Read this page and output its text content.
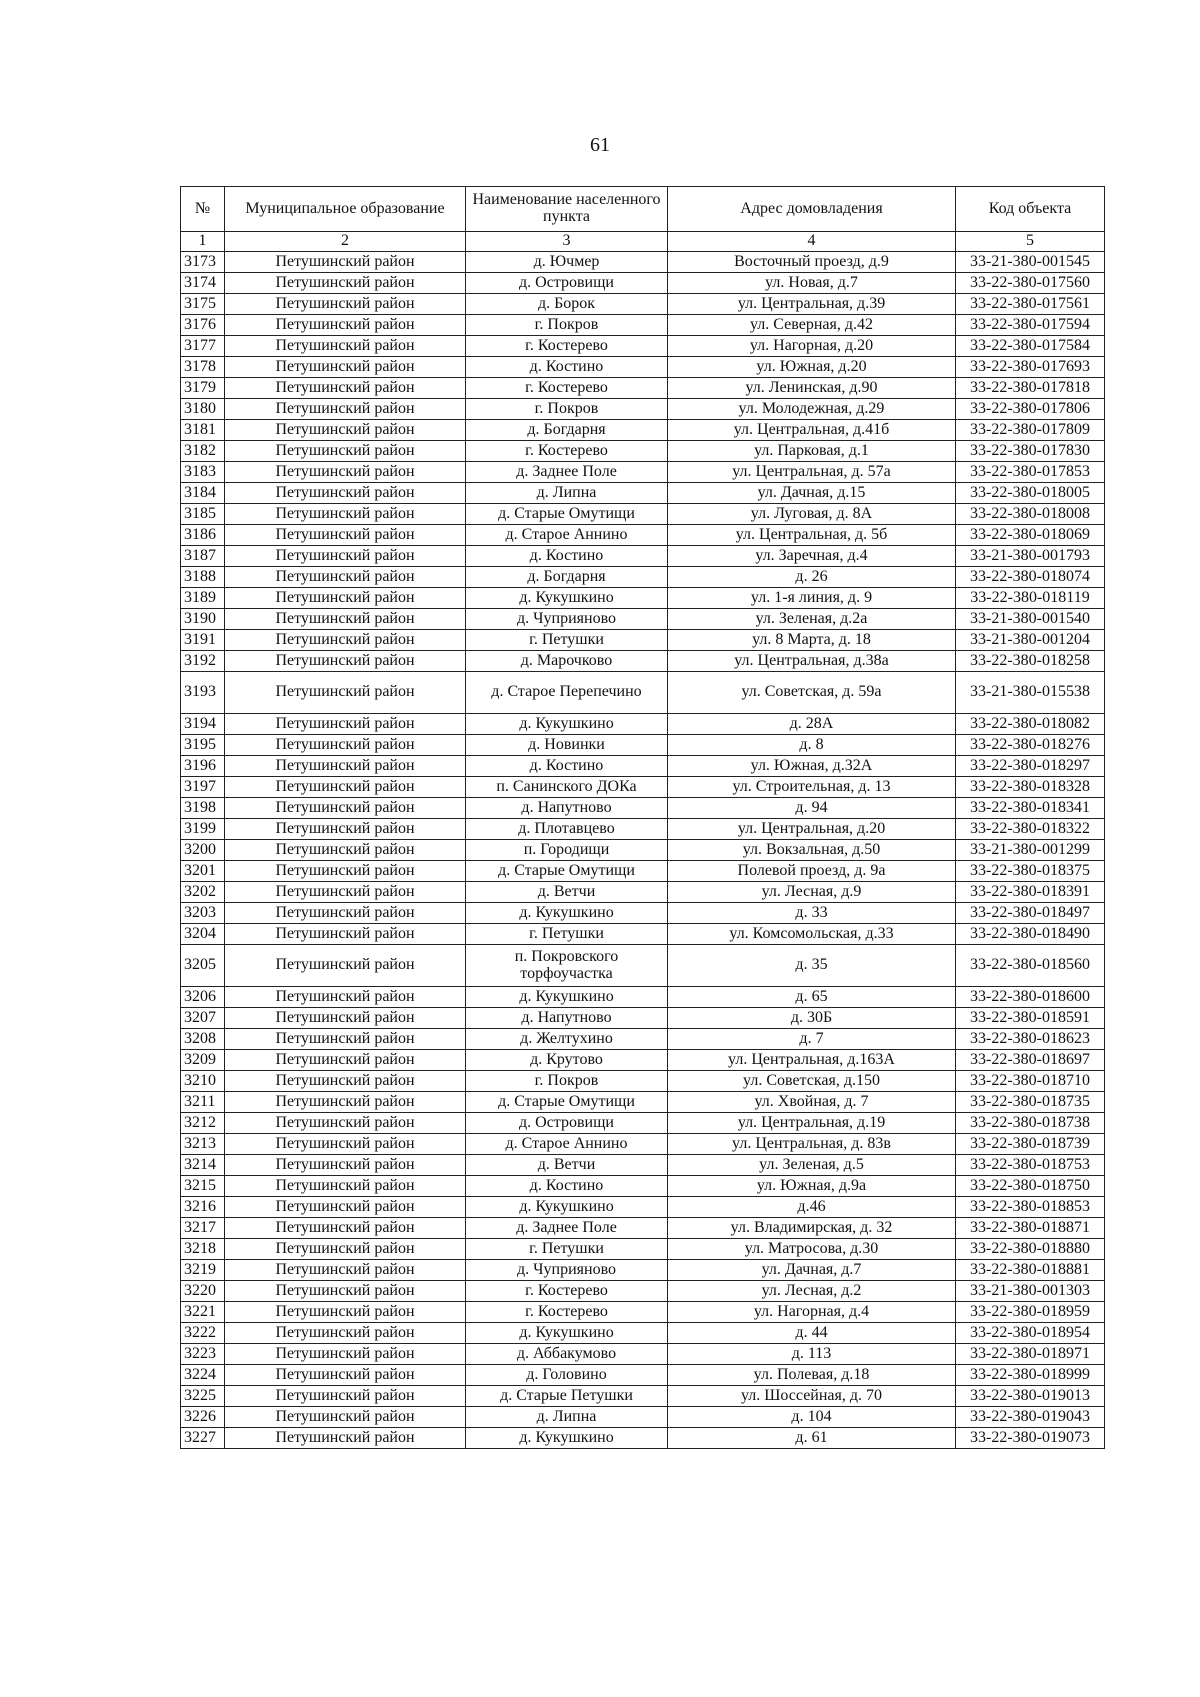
61
№	Муниципальное образование	Наименование населенного пункта	Адрес домовладения	Код объекта
1	2	3	4	5
3173	Петушинский район	д. Ючмер	Восточный проезд, д.9	33-21-380-001545
3174	Петушинский район	д. Островищи	ул. Новая, д.7	33-22-380-017560
3175	Петушинский район	д. Борок	ул. Центральная, д.39	33-22-380-017561
3176	Петушинский район	г. Покров	ул. Северная, д.42	33-22-380-017594
3177	Петушинский район	г. Костерево	ул. Нагорная, д.20	33-22-380-017584
3178	Петушинский район	д. Костино	ул. Южная, д.20	33-22-380-017693
3179	Петушинский район	г. Костерево	ул. Ленинская, д.90	33-22-380-017818
3180	Петушинский район	г. Покров	ул. Молодежная, д.29	33-22-380-017806
3181	Петушинский район	д. Богдарня	ул. Центральная, д.41б	33-22-380-017809
3182	Петушинский район	г. Костерево	ул. Парковая, д.1	33-22-380-017830
3183	Петушинский район	д. Заднее Поле	ул. Центральная, д. 57а	33-22-380-017853
3184	Петушинский район	д. Липна	ул. Дачная, д.15	33-22-380-018005
3185	Петушинский район	д. Старые Омутищи	ул. Луговая, д. 8А	33-22-380-018008
3186	Петушинский район	д. Старое Аннино	ул. Центральная, д. 5б	33-22-380-018069
3187	Петушинский район	д. Костино	ул. Заречная, д.4	33-21-380-001793
3188	Петушинский район	д. Богдарня	д. 26	33-22-380-018074
3189	Петушинский район	д. Кукушкино	ул. 1-я линия, д. 9	33-22-380-018119
3190	Петушинский район	д. Чуприяново	ул. Зеленая, д.2а	33-21-380-001540
3191	Петушинский район	г. Петушки	ул. 8 Марта, д. 18	33-21-380-001204
3192	Петушинский район	д. Марочково	ул. Центральная, д.38а	33-22-380-018258
3193	Петушинский район	д. Старое Перепечино	ул. Советская, д. 59а	33-21-380-015538
3194	Петушинский район	д. Кукушкино	д. 28А	33-22-380-018082
3195	Петушинский район	д. Новинки	д. 8	33-22-380-018276
3196	Петушинский район	д. Костино	ул. Южная, д.32А	33-22-380-018297
3197	Петушинский район	п. Санинского ДОКа	ул. Строительная, д. 13	33-22-380-018328
3198	Петушинский район	д. Напутново	д. 94	33-22-380-018341
3199	Петушинский район	д. Плотавцево	ул. Центральная, д.20	33-22-380-018322
3200	Петушинский район	п. Городищи	ул. Вокзальная, д.50	33-21-380-001299
3201	Петушинский район	д. Старые Омутищи	Полевой проезд, д. 9а	33-22-380-018375
3202	Петушинский район	д. Ветчи	ул. Лесная, д.9	33-22-380-018391
3203	Петушинский район	д. Кукушкино	д. 33	33-22-380-018497
3204	Петушинский район	г. Петушки	ул. Комсомольская, д.33	33-22-380-018490
3205	Петушинский район	п. Покровского торфоучастка	д. 35	33-22-380-018560
3206	Петушинский район	д. Кукушкино	д. 65	33-22-380-018600
3207	Петушинский район	д. Напутново	д. 30Б	33-22-380-018591
3208	Петушинский район	д. Желтухино	д. 7	33-22-380-018623
3209	Петушинский район	д. Крутово	ул. Центральная, д.163А	33-22-380-018697
3210	Петушинский район	г. Покров	ул. Советская, д.150	33-22-380-018710
3211	Петушинский район	д. Старые Омутищи	ул. Хвойная, д. 7	33-22-380-018735
3212	Петушинский район	д. Островищи	ул. Центральная, д.19	33-22-380-018738
3213	Петушинский район	д. Старое Аннино	ул. Центральная, д. 83в	33-22-380-018739
3214	Петушинский район	д. Ветчи	ул. Зеленая, д.5	33-22-380-018753
3215	Петушинский район	д. Костино	ул. Южная, д.9а	33-22-380-018750
3216	Петушинский район	д. Кукушкино	д.46	33-22-380-018853
3217	Петушинский район	д. Заднее Поле	ул. Владимирская, д. 32	33-22-380-018871
3218	Петушинский район	г. Петушки	ул. Матросова, д.30	33-22-380-018880
3219	Петушинский район	д. Чуприяново	ул. Дачная, д.7	33-22-380-018881
3220	Петушинский район	г. Костерево	ул. Лесная, д.2	33-21-380-001303
3221	Петушинский район	г. Костерево	ул. Нагорная, д.4	33-22-380-018959
3222	Петушинский район	д. Кукушкино	д. 44	33-22-380-018954
3223	Петушинский район	д. Аббакумово	д. 113	33-22-380-018971
3224	Петушинский район	д. Головино	ул. Полевая, д.18	33-22-380-018999
3225	Петушинский район	д. Старые Петушки	ул. Шоссейная, д. 70	33-22-380-019013
3226	Петушинский район	д. Липна	д. 104	33-22-380-019043
3227	Петушинский район	д. Кукушкино	д. 61	33-22-380-019073
